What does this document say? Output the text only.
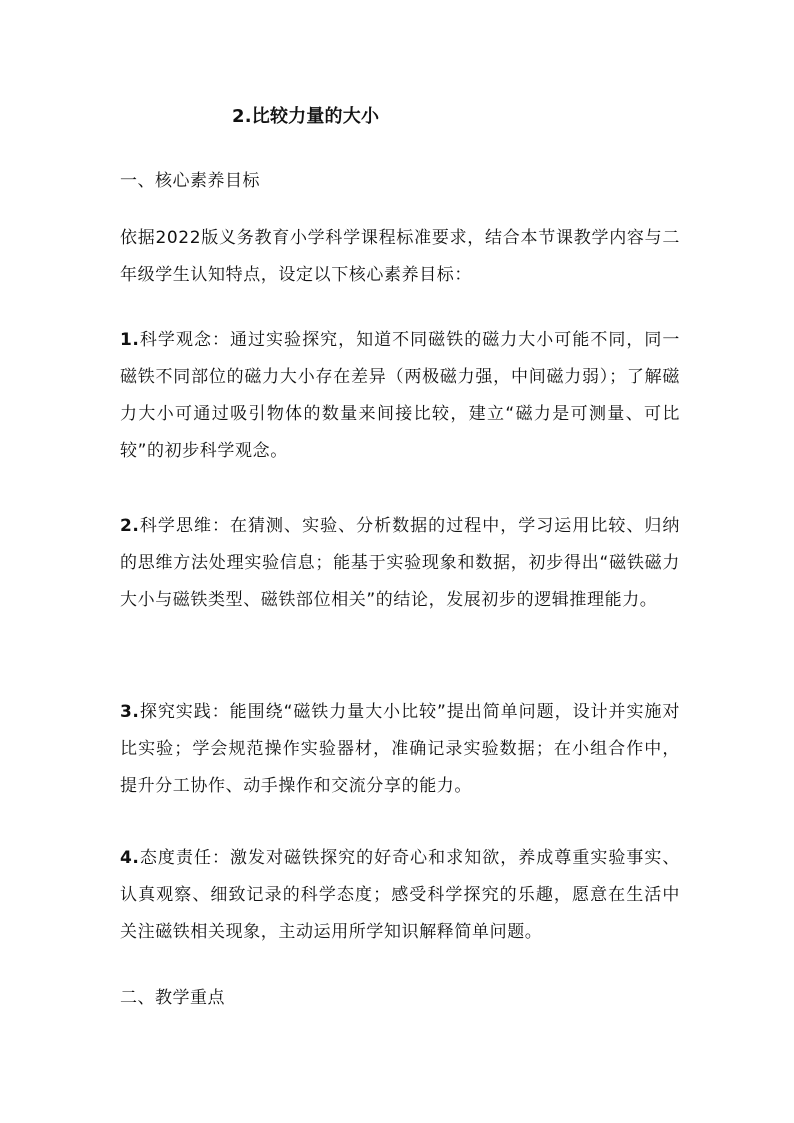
2.比较力量的大小
一、核心素养目标
依据2022版义务教育小学科学课程标准要求，结合本节课教学内容与二年级学生认知特点，设定以下核心素养目标：
1.科学观念：通过实验探究，知道不同磁铁的磁力大小可能不同，同一磁铁不同部位的磁力大小存在差异（两极磁力强，中间磁力弱）；了解磁力大小可通过吸引物体的数量来间接比较，建立“磁力是可测量、可比较”的初步科学观念。
2.科学思维：在猜测、实验、分析数据的过程中，学习运用比较、归纳的思维方法处理实验信息；能基于实验现象和数据，初步得出“磁铁磁力大小与磁铁类型、磁铁部位相关”的结论，发展初步的逻辑推理能力。
3.探究实践：能围绕“磁铁力量大小比较”提出简单问题，设计并实施对比实验；学会规范操作实验器材，准确记录实验数据；在小组合作中，提升分工协作、动手操作和交流分享的能力。
4.态度责任：激发对磁铁探究的好奇心和求知欲，养成尊重实验事实、认真观察、细致记录的科学态度；感受科学探究的乐趣，愿意在生活中关注磁铁相关现象，主动运用所学知识解释简单问题。
二、教学重点
